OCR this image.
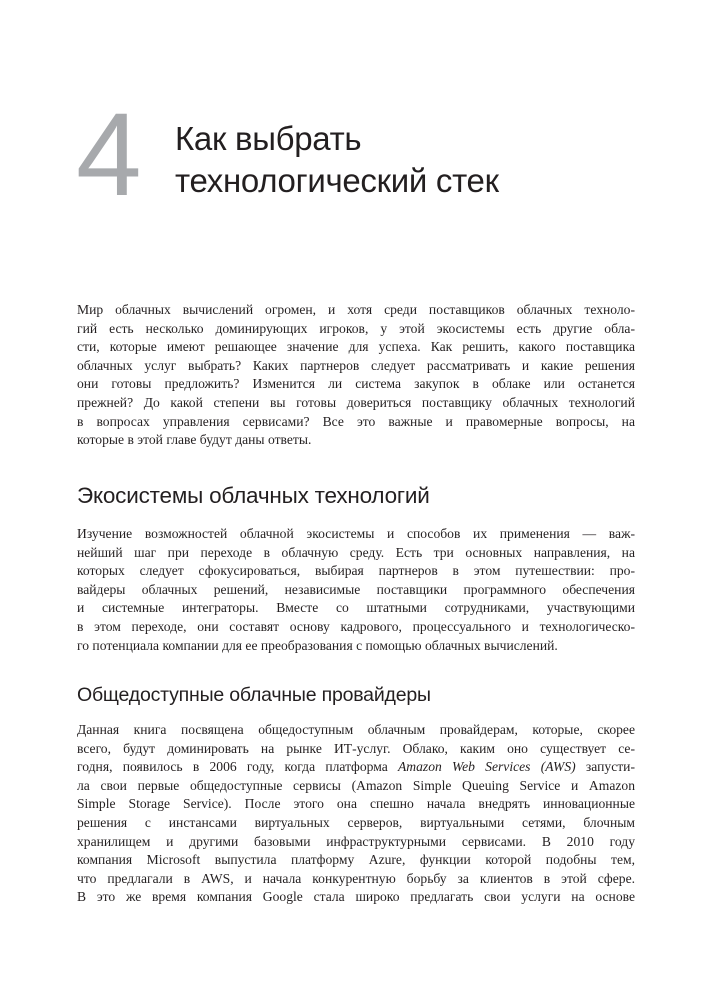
4 Как выбрать
технологический стек
Мир облачных вычислений огромен, и хотя среди поставщиков облачных техноло-
гий есть несколько доминирующих игроков, у этой экосистемы есть другие обла-
сти, которые имеют решающее значение для успеха. Как решить, какого поставщика
облачных услуг выбрать? Каких партнеров следует рассматривать и какие решения
они готовы предложить? Изменится ли система закупок в облаке или останется
прежней? До какой степени вы готовы довериться поставщику облачных технологий
в вопросах управления сервисами? Все это важные и правомерные вопросы, на
которые в этой главе будут даны ответы.
Экосистемы облачных технологий
Изучение возможностей облачной экосистемы и способов их применения — важ-
нейший шаг при переходе в облачную среду. Есть три основных направления, на
которых следует сфокусироваться, выбирая партнеров в этом путешествии: про-
вайдеры облачных решений, независимые поставщики программного обеспечения
и системные интеграторы. Вместе со штатными сотрудниками, участвующими
в этом переходе, они составят основу кадрового, процессуального и технологическо-
го потенциала компании для ее преобразования с помощью облачных вычислений.
Общедоступные облачные провайдеры
Данная книга посвящена общедоступным облачным провайдерам, которые, скорее
всего, будут доминировать на рынке ИТ-услуг. Облако, каким оно существует се-
годня, появилось в 2006 году, когда платформа Amazon Web Services (AWS) запусти-
ла свои первые общедоступные сервисы (Amazon Simple Queuing Service и Amazon
Simple Storage Service). После этого она спешно начала внедрять инновационные
решения с инстансами виртуальных серверов, виртуальными сетями, блочным
хранилищем и другими базовыми инфраструктурными сервисами. В 2010 году
компания Microsoft выпустила платформу Azure, функции которой подобны тем,
что предлагали в AWS, и начала конкурентную борьбу за клиентов в этой сфере.
В это же время компания Google стала широко предлагать свои услуги на основе
